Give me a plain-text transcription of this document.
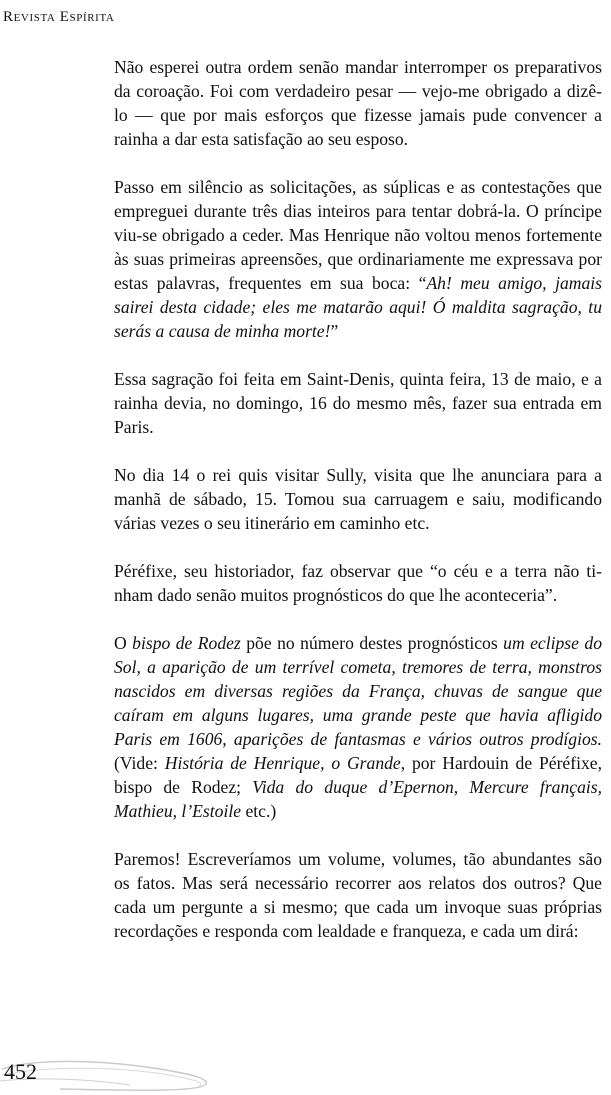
Revista Espírita

Não esperei outra ordem senão mandar interromper os preparativos da coroação. Foi com verdadeiro pesar — vejo-me obrigado a dizê-lo — que por mais esforços que fizesse jamais pude convencer a rainha a dar esta satisfação ao seu esposo.

Passo em silêncio as solicitações, as súplicas e as contestações que empreguei durante três dias inteiros para tentar dobrá-la. O príncipe viu-se obrigado a ceder. Mas Henrique não voltou menos fortemente às suas primeiras apreensões, que ordinariamente me expressava por estas palavras, frequentes em sua boca: “Ah! meu amigo, jamais sairei desta cidade; eles me matarão aqui! Ó maldita sagração, tu serás a causa de minha morte!”

Essa sagração foi feita em Saint-Denis, quinta feira, 13 de maio, e a rainha devia, no domingo, 16 do mesmo mês, fazer sua entrada em Paris.

No dia 14 o rei quis visitar Sully, visita que lhe anunciara para a manhã de sábado, 15. Tomou sua carruagem e saiu, modificando várias vezes o seu itinerário em caminho etc.

Péréfixe, seu historiador, faz observar que “o céu e a terra não tinham dado senão muitos prognósticos do que lhe aconteceria”.

O bispo de Rodez põe no número destes prognósticos um eclipse do Sol, a aparição de um terrível cometa, tremores de terra, monstros nascidos em diversas regiões da França, chuvas de sangue que caíram em alguns lugares, uma grande peste que havia afligido Paris em 1606, aparições de fantasmas e vários outros prodígios. (Vide: História de Henrique, o Grande, por Hardouin de Péréfixe, bispo de Rodez; Vida do duque d’Epernon, Mercure français, Mathieu, l’Estoile etc.)

Paremos! Escreveríamos um volume, volumes, tão abundantes são os fatos. Mas será necessário recorrer aos relatos dos outros? Que cada um pergunte a si mesmo; que cada um invoque suas próprias recordações e responda com lealdade e franqueza, e cada um dirá:

452
